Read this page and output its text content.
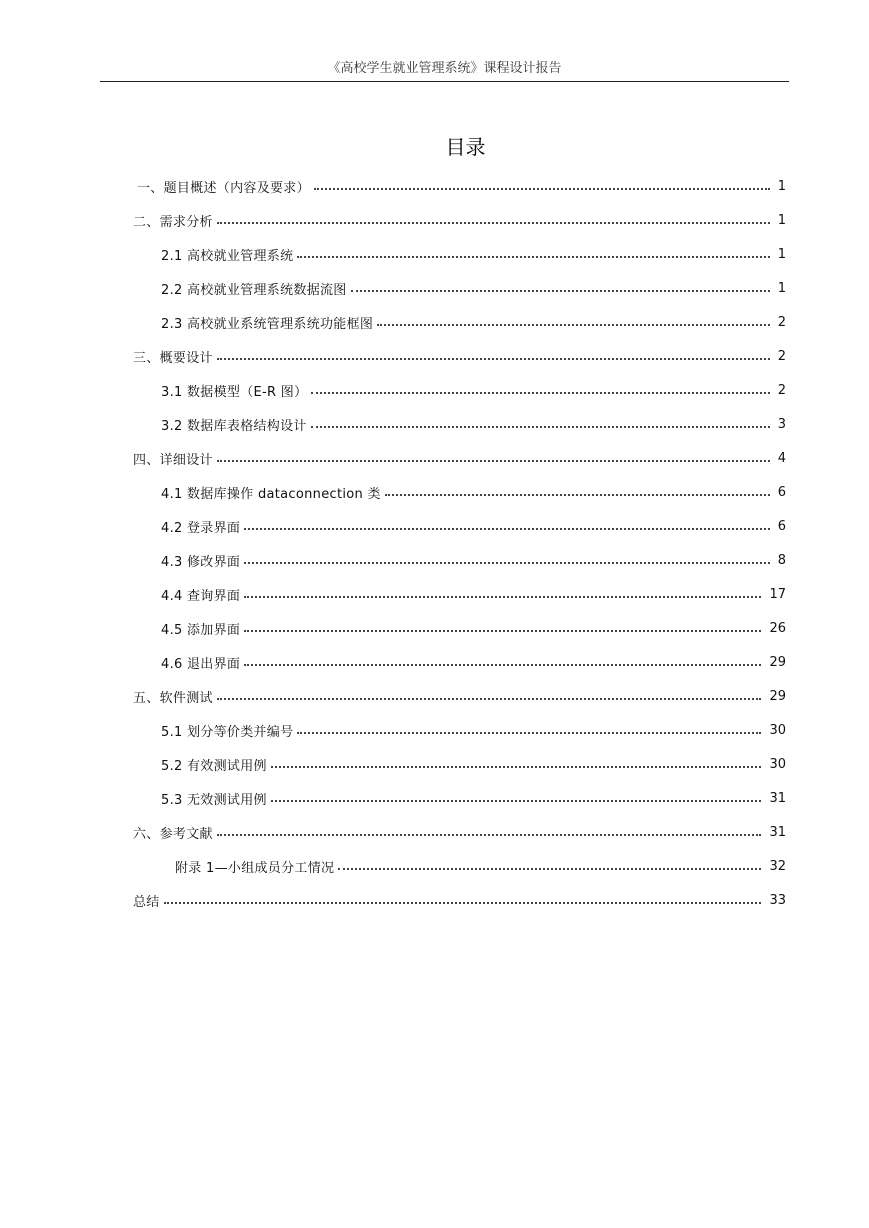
《高校学生就业管理系统》课程设计报告
目录
一、题目概述（内容及要求）	1
二、需求分析	1
2.1 高校就业管理系统	1
2.2 高校就业管理系统数据流图	1
2.3 高校就业系统管理系统功能框图	2
三、概要设计	2
3.1 数据模型（E-R 图）	2
3.2 数据库表格结构设计	3
四、详细设计	4
4.1 数据库操作 dataconnection 类	6
4.2 登录界面	6
4.3 修改界面	8
4.4 查询界面	17
4.5 添加界面	26
4.6 退出界面	29
五、软件测试	29
5.1 划分等价类并编号	30
5.2 有效测试用例	30
5.3 无效测试用例	31
六、参考文献	31
附录 1—小组成员分工情况	32
总结	33
